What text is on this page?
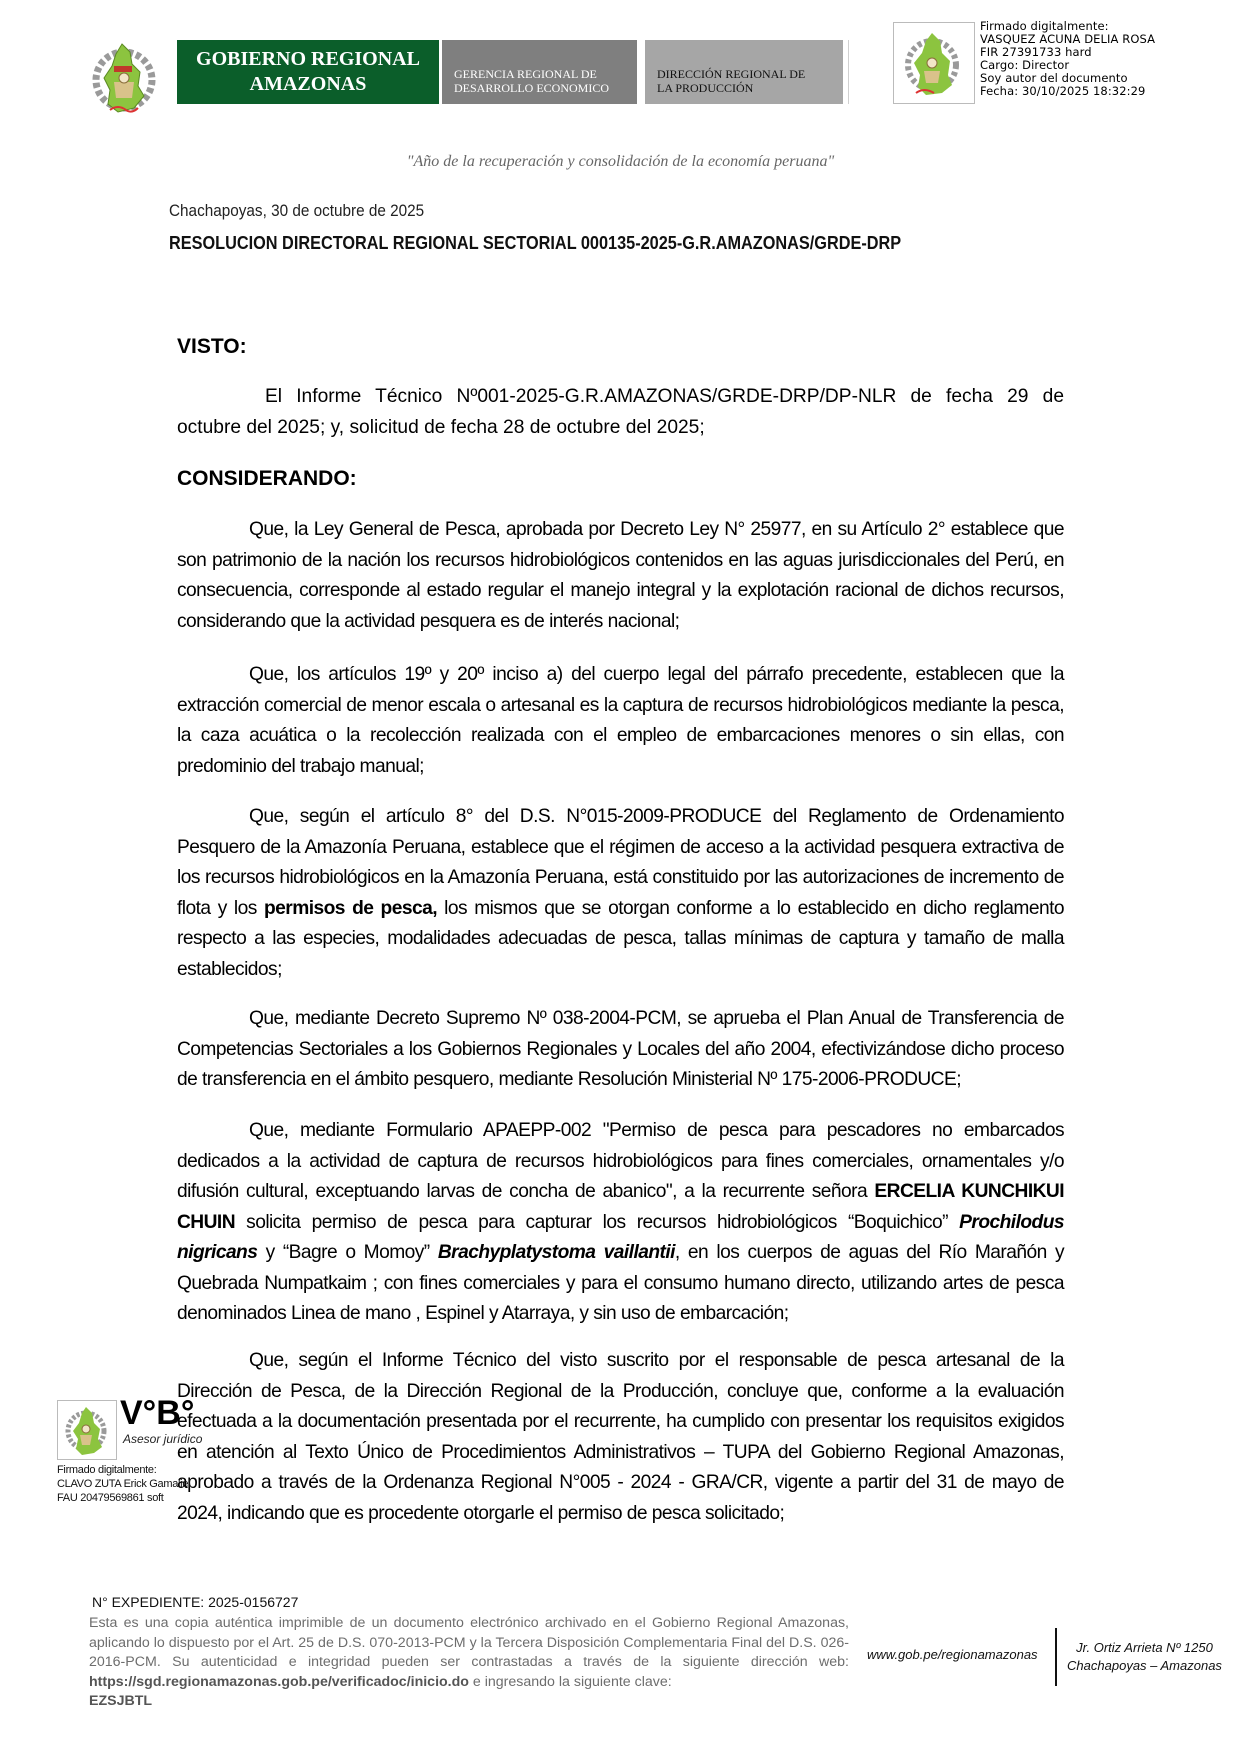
GOBIERNO REGIONAL
AMAZONAS	GERENCIA REGIONAL DE
DESARROLLO ECONOMICO
DIRECCIÓN REGIONAL DE
LA PRODUCCIÓN
Firmado digitalmente:
VASQUEZ ACUNA DELIA ROSA
FIR 27391733 hard
Cargo: Director
Soy autor del documento
Fecha: 30/10/2025 18:32:29
"Año de la recuperación y consolidación de la economía peruana"
Chachapoyas, 30 de octubre de 2025
RESOLUCION DIRECTORAL REGIONAL SECTORIAL 000135-2025-G.R.AMAZONAS/GRDE-DRP
VISTO:
El Informe Técnico Nº001-2025-G.R.AMAZONAS/GRDE-DRP/DP-NLR de fecha 29 de octubre del 2025; y, solicitud de fecha 28 de octubre del 2025;
CONSIDERANDO:
Que, la Ley General de Pesca, aprobada por Decreto Ley N° 25977, en su Artículo 2° establece que son patrimonio de la nación los recursos hidrobiológicos contenidos en las aguas jurisdiccionales del Perú, en consecuencia, corresponde al estado regular el manejo integral y la explotación racional de dichos recursos, considerando que la actividad pesquera es de interés nacional;
Que, los artículos 19º y 20º inciso a) del cuerpo legal del párrafo precedente, establecen que la extracción comercial de menor escala o artesanal es la captura de recursos hidrobiológicos mediante la pesca, la caza acuática o la recolección realizada con el empleo de embarcaciones menores o sin ellas, con predominio del trabajo manual;
Que, según el artículo 8° del D.S. N°015-2009-PRODUCE del Reglamento de Ordenamiento Pesquero de la Amazonía Peruana, establece que el régimen de acceso a la actividad pesquera extractiva de los recursos hidrobiológicos en la Amazonía Peruana, está constituido por las autorizaciones de incremento de flota y los permisos de pesca, los mismos que se otorgan conforme a lo establecido en dicho reglamento respecto a las especies, modalidades adecuadas de pesca, tallas mínimas de captura y tamaño de malla establecidos;
Que, mediante Decreto Supremo Nº 038-2004-PCM, se aprueba el Plan Anual de Transferencia de Competencias Sectoriales a los Gobiernos Regionales y Locales del año 2004, efectivizándose dicho proceso de transferencia en el ámbito pesquero, mediante Resolución Ministerial Nº 175-2006-PRODUCE;
Que, mediante Formulario APAEPP-002 "Permiso de pesca para pescadores no embarcados dedicados a la actividad de captura de recursos hidrobiológicos para fines comerciales, ornamentales y/o difusión cultural, exceptuando larvas de concha de abanico", a la recurrente señora ERCELIA KUNCHIKUI CHUIN solicita permiso de pesca para capturar los recursos hidrobiológicos “Boquichico” Prochilodus nigricans y “Bagre o Momoy” Brachyplatystoma vaillantii, en los cuerpos de aguas del Río Marañón y Quebrada Numpatkaim ; con fines comerciales y para el consumo humano directo, utilizando artes de pesca denominados Linea de mano , Espinel y Atarraya, y sin uso de embarcación;
Que, según el Informe Técnico del visto suscrito por el responsable de pesca artesanal de la Dirección de Pesca, de la Dirección Regional de la Producción, concluye que, conforme a la evaluación efectuada a la documentación presentada por el recurrente, ha cumplido con presentar los requisitos exigidos en atención al Texto Único de Procedimientos Administrativos – TUPA del Gobierno Regional Amazonas, aprobado a través de la Ordenanza Regional N°005 - 2024 - GRA/CR, vigente a partir del 31 de mayo de 2024, indicando que es procedente otorgarle el permiso de pesca solicitado;
V°B°
Asesor jurídico
Firmado digitalmente:
CLAVO ZUTA Erick Gamaliel
FAU 20479569861 soft
N° EXPEDIENTE: 2025-0156727
Esta es una copia auténtica imprimible de un documento electrónico archivado en el Gobierno Regional Amazonas, aplicando lo dispuesto por el Art. 25 de D.S. 070-2013-PCM y la Tercera Disposición Complementaria Final del D.S. 026-2016-PCM. Su autenticidad e integridad pueden ser contrastadas a través de la siguiente dirección web: https://sgd.regionamazonas.gob.pe/verificadoc/inicio.do e ingresando la siguiente clave:
EZSJBTL
www.gob.pe/regionamazonas	Jr. Ortiz Arrieta Nº 1250
Chachapoyas – Amazonas
